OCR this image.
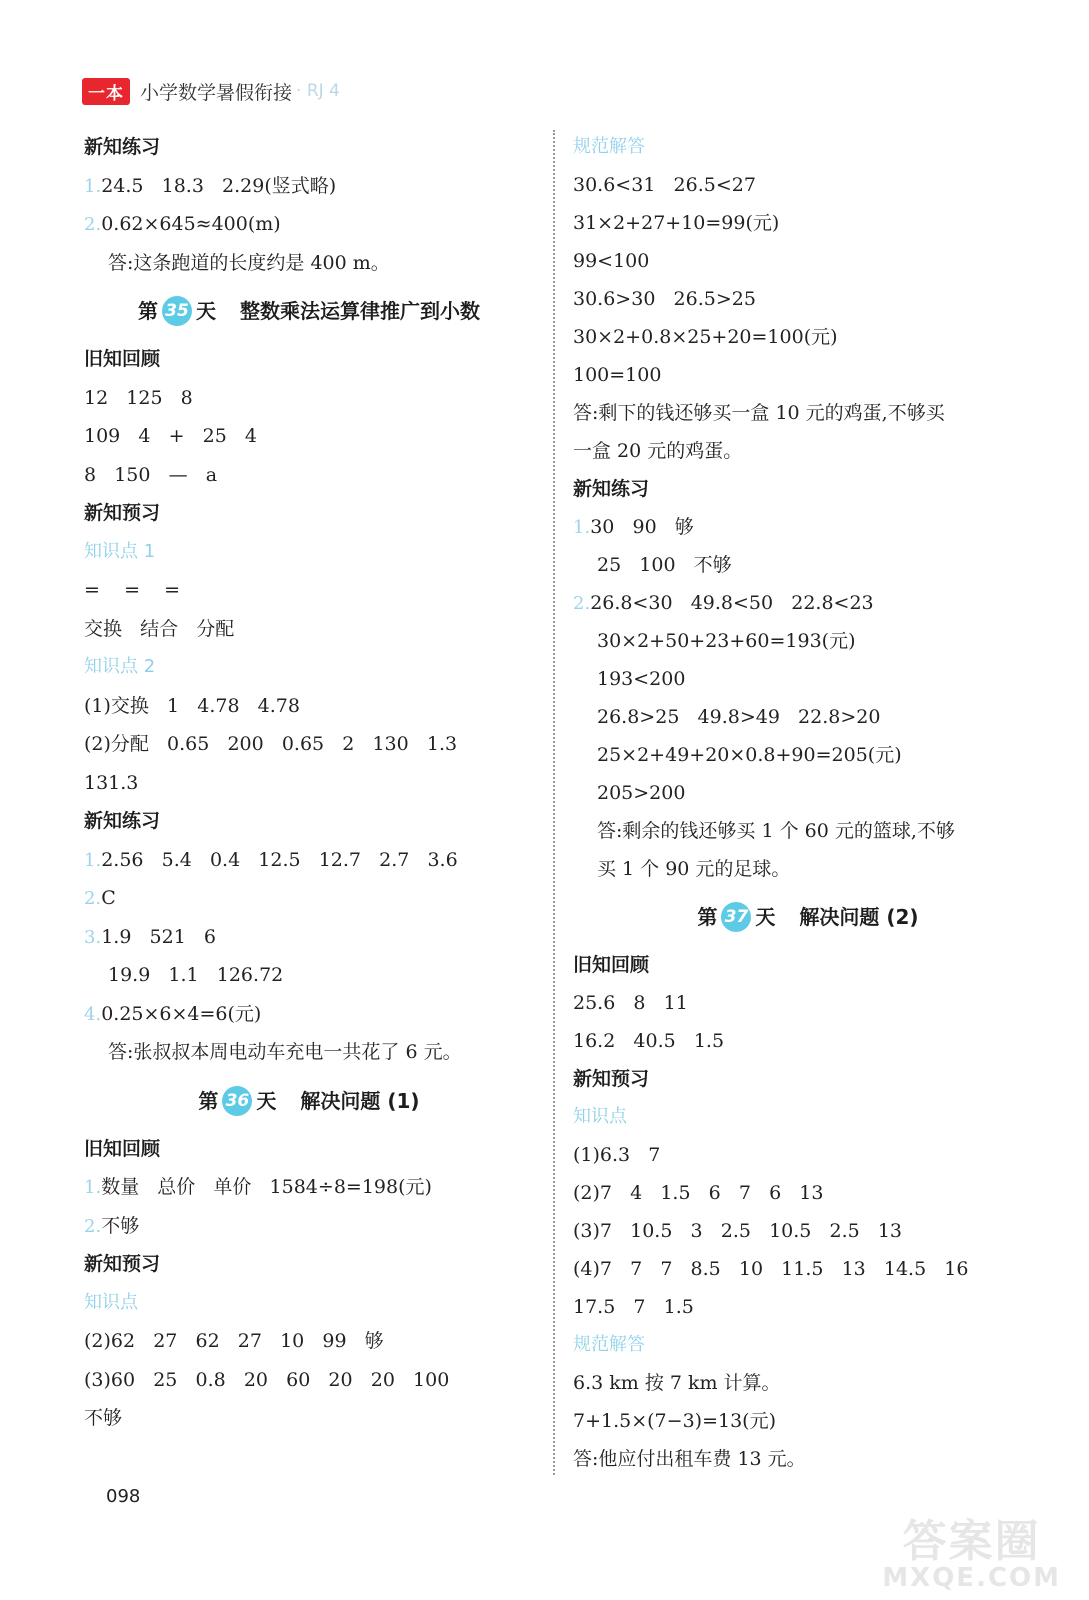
一本 小学数学暑假衔接 · RJ 4
新知练习
1.24.5   18.3   2.29(竖式略)
2.0.62×645≈400(m)
答:这条跑道的长度约是 400 m。
第 35 天 整数乘法运算律推广到小数
旧知回顾
12   125   8
109   4   +   25   4
8   150   —   a
新知预习
知识点 1
=    =    =
交换   结合   分配
知识点 2
(1)交换   1   4.78   4.78
(2)分配   0.65   200   0.65   2   130   1.3
131.3
新知练习
1.2.56   5.4   0.4   12.5   12.7   2.7   3.6
2.C
3.1.9   521   6
19.9   1.1   126.72
4.0.25×6×4=6(元)
答:张叔叔本周电动车充电一共花了 6 元。
第 36 天 解决问题 (1)
旧知回顾
1.数量   总价   单价   1584÷8=198(元)
2.不够
新知预习
知识点
(2)62   27   62   27   10   99   够
(3)60   25   0.8   20   60   20   20   100
不够
规范解答
30.6<31   26.5<27
31×2+27+10=99(元)
99<100
30.6>30   26.5>25
30×2+0.8×25+20=100(元)
100=100
答:剩下的钱还够买一盒 10 元的鸡蛋,不够买
一盒 20 元的鸡蛋。
新知练习
1.30   90   够
25   100   不够
2.26.8<30   49.8<50   22.8<23
30×2+50+23+60=193(元)
193<200
26.8>25   49.8>49   22.8>20
25×2+49+20×0.8+90=205(元)
205>200
答:剩余的钱还够买 1 个 60 元的篮球,不够
买 1 个 90 元的足球。
第 37 天 解决问题 (2)
旧知回顾
25.6   8   11
16.2   40.5   1.5
新知预习
知识点
(1)6.3   7
(2)7   4   1.5   6   7   6   13
(3)7   10.5   3   2.5   10.5   2.5   13
(4)7   7   7   8.5   10   11.5   13   14.5   16
17.5   7   1.5
规范解答
6.3 km 按 7 km 计算。
7+1.5×(7−3)=13(元)
答:他应付出租车费 13 元。
098
答案圈
MXQE.COM
